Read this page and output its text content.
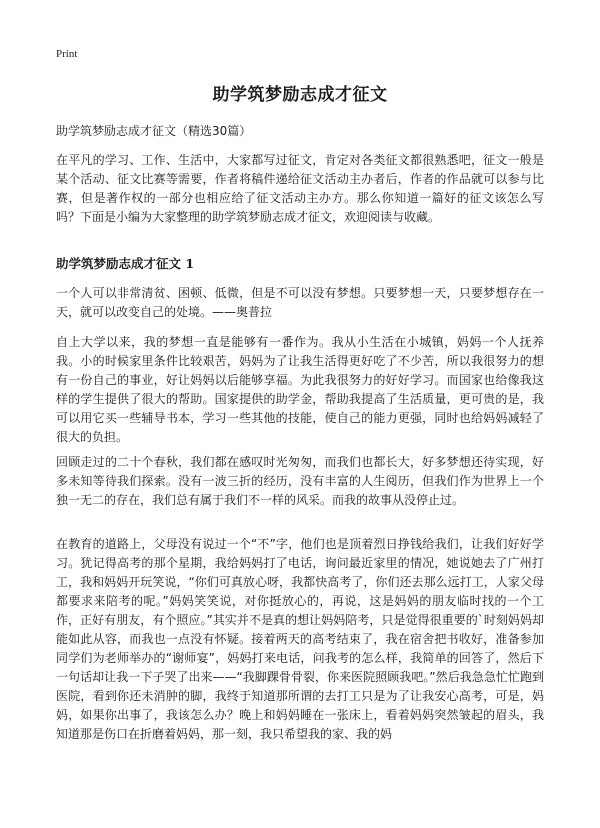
Print
助学筑梦励志成才征文
助学筑梦励志成才征文（精选30篇）

在平凡的学习、工作、生活中，大家都写过征文，肯定对各类征文都很熟悉吧，征文一般是某个活动、征文比赛等需要，作者将稿件递给征文活动主办者后，作者的作品就可以参与比赛，但是著作权的一部分也相应给了征文活动主办方。那么你知道一篇好的征文该怎么写吗？下面是小编为大家整理的助学筑梦励志成才征文，欢迎阅读与收藏。

助学筑梦励志成才征文 1

一个人可以非常清贫、困顿、低微，但是不可以没有梦想。只要梦想一天，只要梦想存在一天，就可以改变自己的处境。——奥普拉

自上大学以来，我的梦想一直是能够有一番作为。我从小生活在小城镇，妈妈一个人抚养我。小的时候家里条件比较艰苦，妈妈为了让我生活得更好吃了不少苦，所以我很努力的想有一份自己的事业，好让妈妈以后能够享福。为此我很努力的好好学习。而国家也给像我这样的学生提供了很大的帮助。国家提供的助学金，帮助我提高了生活质量，更可贵的是，我可以用它买一些辅导书本，学习一些其他的技能，使自己的能力更强，同时也给妈妈减轻了很大的负担。

回顾走过的二十个春秋，我们都在感叹时光匆匆，而我们也都长大，好多梦想还待实现，好多未知等待我们探索。没有一波三折的经历，没有丰富的人生阅历，但我们作为世界上一个独一无二的存在，我们总有属于我们不一样的风采。而我的故事从没停止过。

在教育的道路上，父母没有说过一个“不”字，他们也是顶着烈日挣钱给我们，让我们好好学习。犹记得高考的那个星期，我给妈妈打了电话，询问最近家里的情况，她说她去了广州打工，我和妈妈开玩笑说，“你们可真放心呀，我都快高考了，你们还去那么远打工，人家父母都要求来陪考的呢。”妈妈笑笑说，对你挺放心的，再说，这是妈妈的朋友临时找的一个工作，正好有朋友，有个照应。”其实并不是真的想让妈妈陪考，只是觉得很重要的`时刻妈妈却能如此从容，而我也一点没有怀疑。接着两天的高考结束了，我在宿舍把书收好，准备参加同学们为老师举办的“谢师宴”，妈妈打来电话，问我考的怎么样，我简单的回答了，然后下一句话却让我一下子哭了出来——“我脚踝骨骨裂，你来医院照顾我吧。”然后我急急忙忙跑到医院，看到你还未消肿的脚，我终于知道那所谓的去打工只是为了让我安心高考，可是，妈妈，如果你出事了，我该怎么办？晚上和妈妈睡在一张床上，看着妈妈突然皱起的眉头，我知道那是伤口在折磨着妈妈，那一刻，我只希望我的家、我的妈
